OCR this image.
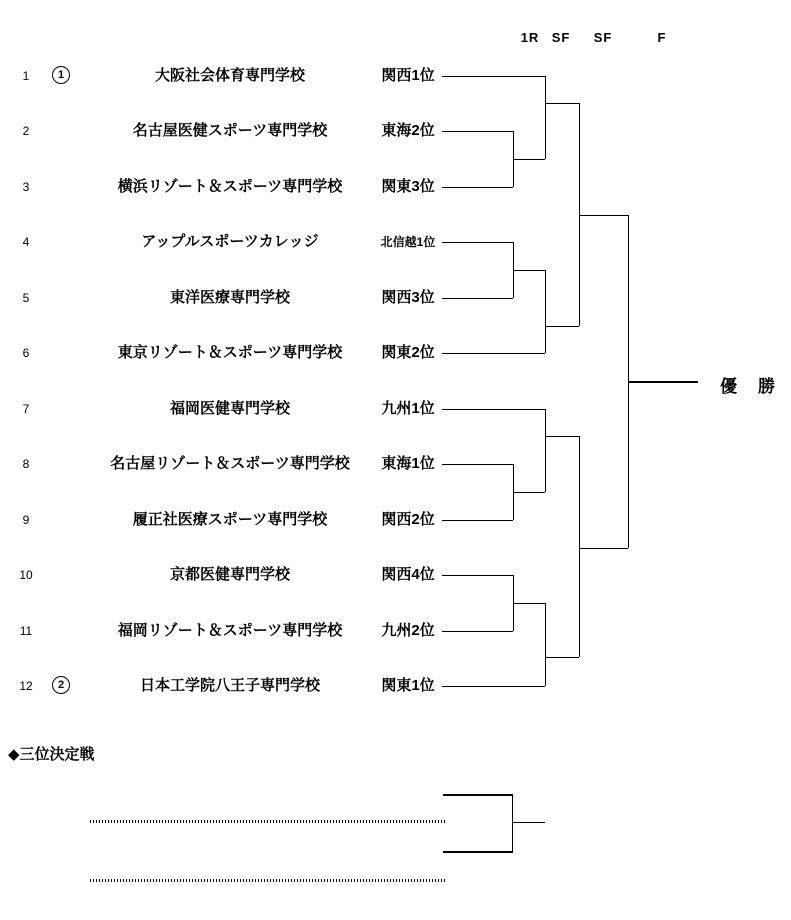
1R SF SF	F
1	1	大阪社会体育専門学校	関西1位
2	名古屋医健スポーツ専門学校	東海2位
3	横浜リゾート＆スポーツ専門学校	関東3位
4	アップルスポーツカレッジ	北信越1位
5	東洋医療専門学校	関西3位
6	東京リゾート＆スポーツ専門学校	関東2位
7	福岡医健専門学校	九州1位
8	名古屋リゾート＆スポーツ専門学校	東海1位
9	履正社医療スポーツ専門学校	関西2位
10	京都医健専門学校	関西4位
11	福岡リゾート＆スポーツ専門学校	九州2位
12	2	日本工学院八王子専門学校	関東1位
優　勝
◆三位決定戦
